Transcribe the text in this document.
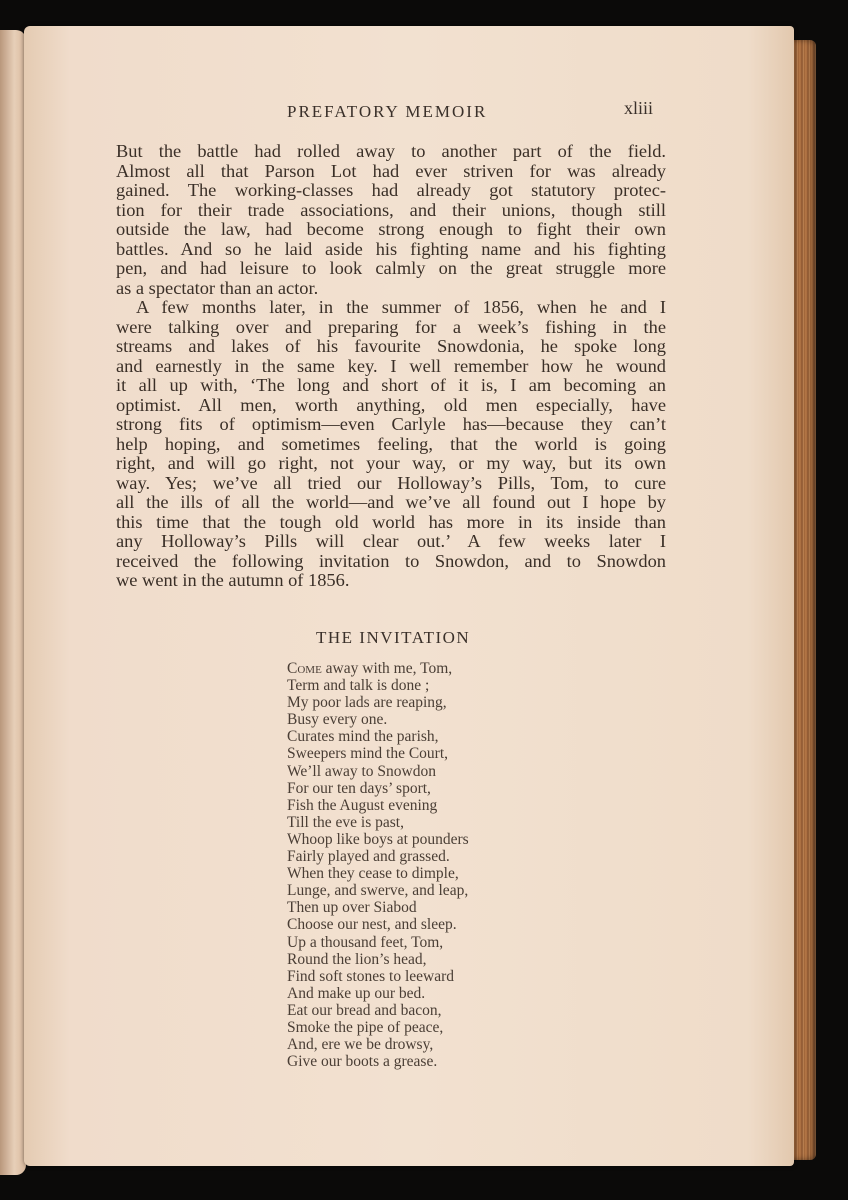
PREFATORY MEMOIR	xliii
But the battle had rolled away to another part of the field.
Almost all that Parson Lot had ever striven for was already
gained. The working-classes had already got statutory protec-
tion for their trade associations, and their unions, though still
outside the law, had become strong enough to fight their own
battles. And so he laid aside his fighting name and his fighting
pen, and had leisure to look calmly on the great struggle more
as a spectator than an actor.
A few months later, in the summer of 1856, when he and I
were talking over and preparing for a week’s fishing in the
streams and lakes of his favourite Snowdonia, he spoke long
and earnestly in the same key. I well remember how he wound
it all up with, ‘The long and short of it is, I am becoming an
optimist. All men, worth anything, old men especially, have
strong fits of optimism—even Carlyle has—because they can’t
help hoping, and sometimes feeling, that the world is going
right, and will go right, not your way, or my way, but its own
way. Yes; we’ve all tried our Holloway’s Pills, Tom, to cure
all the ills of all the world—and we’ve all found out I hope by
this time that the tough old world has more in its inside than
any Holloway’s Pills will clear out.’ A few weeks later I
received the following invitation to Snowdon, and to Snowdon
we went in the autumn of 1856.
THE INVITATION
Come away with me, Tom,
Term and talk is done ;
My poor lads are reaping,
Busy every one.
Curates mind the parish,
Sweepers mind the Court,
We’ll away to Snowdon
For our ten days’ sport,
Fish the August evening
Till the eve is past,
Whoop like boys at pounders
Fairly played and grassed.
When they cease to dimple,
Lunge, and swerve, and leap,
Then up over Siabod
Choose our nest, and sleep.
Up a thousand feet, Tom,
Round the lion’s head,
Find soft stones to leeward
And make up our bed.
Eat our bread and bacon,
Smoke the pipe of peace,
And, ere we be drowsy,
Give our boots a grease.
